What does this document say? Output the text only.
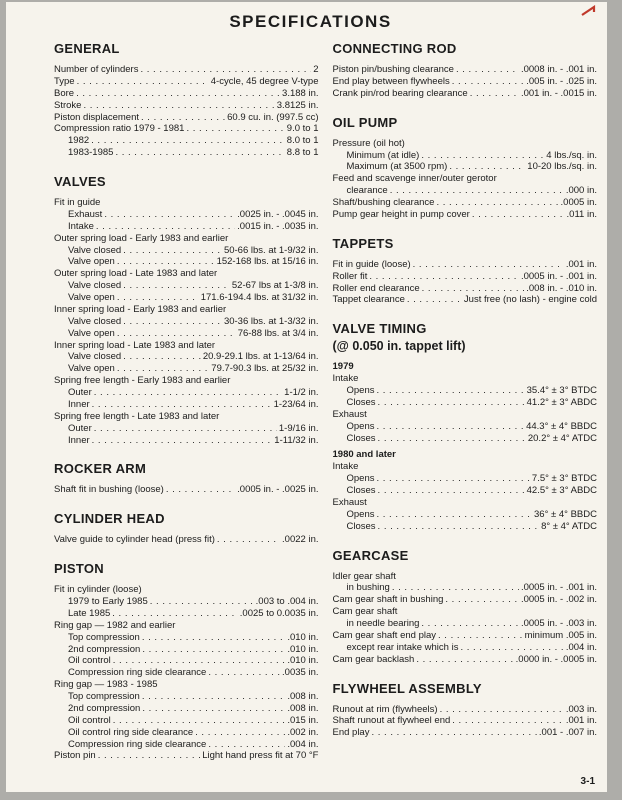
SPECIFICATIONS
GENERAL
Number of cylinders . . .	2
Type . . .	4-cycle, 45 degree V-type
Bore . . .	3.188 in.
Stroke . . .	3.8125 in.
Piston displacement . . .	60.9 cu. in. (997.5 cc)
Compression ratio 1979 - 1981 . . .	9.0 to 1
1982 . . .	8.0 to 1
1983-1985 . . .	8.8 to 1
VALVES
Fit in guide
Exhaust . . .	.0025 in. - .0045 in.
Intake . . .	.0015 in. - .0035 in.
Outer spring load - Early 1983 and earlier
Valve closed . . .	50-66 lbs. at 1-9/32 in.
Valve open . . .	152-168 lbs. at 15/16 in.
Outer spring load - Late 1983 and later
Valve closed . . .	52-67 lbs at 1-3/8 in.
Valve open . . .	171.6-194.4 lbs. at 31/32 in.
Inner spring load - Early 1983 and earlier
Valve closed . . .	30-36 lbs. at 1-3/32 in.
Valve open . . .	76-88 lbs. at 3/4 in.
Inner spring load - Late 1983 and later
Valve closed . . .	20.9-29.1 lbs. at 1-13/64 in.
Valve open . . .	79.7-90.3 lbs. at 25/32 in.
Spring free length - Early 1983 and earlier
Outer . . .	1-1/2 in.
Inner . . .	1-23/64 in.
Spring free length - Late 1983 and later
Outer . . .	1-9/16 in.
Inner . . .	1-11/32 in.
ROCKER ARM
Shaft fit in bushing (loose) . . .	.0005 in. - .0025 in.
CYLINDER HEAD
Valve guide to cylinder head (press fit) . . .	.0022 in.
PISTON
Fit in cylinder (loose)
1979 to Early 1985 . . .	.003 to .004 in.
Late 1985 . . .	.0025 to 0.0035 in.
Ring gap — 1982 and earlier
Top compression . . .	.010 in.
2nd compression . . .	.010 in.
Oil control . . .	.010 in.
Compression ring side clearance . . .	.0035 in.
Ring gap — 1983 - 1985
Top compression . . .	.008 in.
2nd compression . . .	.008 in.
Oil control . . .	.015 in.
Oil control ring side clearance . . .	.002 in.
Compression ring side clearance . . .	.004 in.
Piston pin . . .	Light hand press fit at 70 °F
CONNECTING ROD
Piston pin/bushing clearance . . .	.0008 in. - .001 in.
End play between flywheels . . .	.005 in. - .025 in.
Crank pin/rod bearing clearance . . .	.001 in. - .0015 in.
OIL PUMP
Pressure (oil hot)
Minimum (at idle) . . .	4 lbs./sq. in.
Maximum (at 3500 rpm) . . .	10-20 lbs./sq. in.
Feed and scavenge inner/outer gerotor
clearance . . .	.000 in.
Shaft/bushing clearance . . .	.0005 in.
Pump gear height in pump cover . . .	.011 in.
TAPPETS
Fit in guide (loose) . . .	.001 in.
Roller fit . . .	.0005 in. - .001 in.
Roller end clearance . . .	.008 in. - .010 in.
Tappet clearance . . .	Just free (no lash) - engine cold
VALVE TIMING
(@ 0.050 in. tappet lift)
1979
Intake
Opens . . .	35.4° ± 3° BTDC
Closes . . .	41.2° ± 3° ABDC
Exhaust
Opens . . .	44.3° ± 4° BBDC
Closes . . .	20.2° ± 4° ATDC
1980 and later
Intake
Opens . . .	7.5° ± 3° BTDC
Closes . . .	42.5° ± 3° ABDC
Exhaust
Opens . . .	36° ± 4° BBDC
Closes . . .	8° ± 4° ATDC
GEARCASE
Idler gear shaft
in bushing . . .	.0005 in. - .001 in.
Cam gear shaft in bushing . . .	.0005 in. - .002 in.
Cam gear shaft
in needle bearing . . .	.0005 in. - .003 in.
Cam gear shaft end play . . .	minimum .005 in.
except rear intake which is . . .	.004 in.
Cam gear backlash . . .	.0000 in. - .0005 in.
FLYWHEEL ASSEMBLY
Runout at rim (flywheels) . . .	.003 in.
Shaft runout at flywheel end . . .	.001 in.
End play . . .	.001 - .007 in.
3-1
